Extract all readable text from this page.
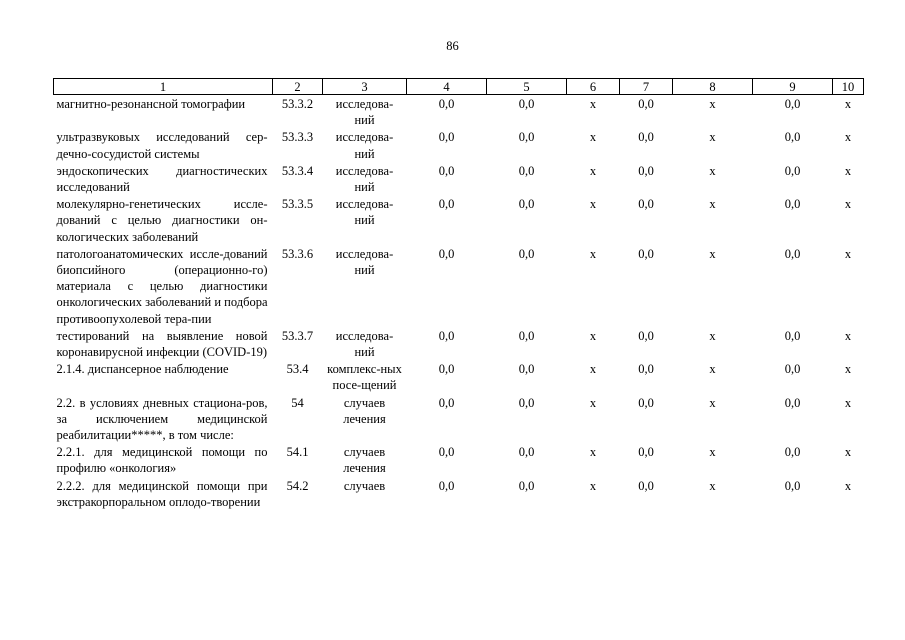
86
1	2	3	4	5	6	7	8	9	10
магнитно-резонансной томографии	53.3.2	исследова-ний	0,0	0,0	х	0,0	х	0,0	х
ультразвуковых исследований сер-дечно-сосудистой системы	53.3.3	исследова-ний	0,0	0,0	х	0,0	х	0,0	х
эндоскопических диагностических исследований	53.3.4	исследова-ний	0,0	0,0	х	0,0	х	0,0	х
молекулярно-генетических иссле-дований с целью диагностики он-кологических заболеваний	53.3.5	исследова-ний	0,0	0,0	х	0,0	х	0,0	х
патологоанатомических иссле-дований биопсийного (операционно-го) материала с целью диагностики онкологических заболеваний и подбора противоопухолевой тера-пии	53.3.6	исследова-ний	0,0	0,0	х	0,0	х	0,0	х
тестирований на выявление новой коронавирусной инфекции (COVID-19)	53.3.7	исследова-ний	0,0	0,0	х	0,0	х	0,0	х
2.1.4. диспансерное наблюдение	53.4	комплекс-ных посе-щений	0,0	0,0	х	0,0	х	0,0	х
2.2. в условиях дневных стациона-ров, за исключением медицинской реабилитации*****, в том числе:	54	случаев лечения	0,0	0,0	х	0,0	х	0,0	х
2.2.1. для медицинской помощи по профилю «онкология»	54.1	случаев лечения	0,0	0,0	х	0,0	х	0,0	х
2.2.2. для медицинской помощи при экстракорпоральном оплодо-творении	54.2	случаев	0,0	0,0	х	0,0	х	0,0	х
